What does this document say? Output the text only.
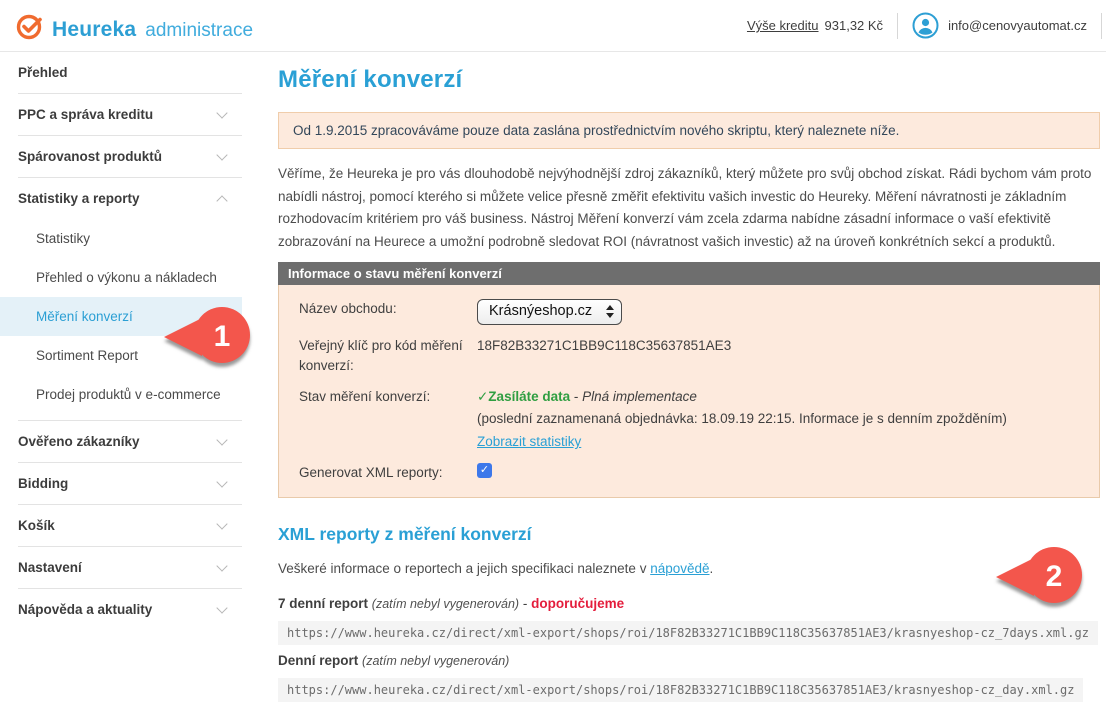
Heureka administrace	Výše kreditu 931,32 Kč	info@cenovyautomat.cz
Přehled
PPC a správa kreditu
Spárovanost produktů
Statistiky a reporty
Statistiky
Přehled o výkonu a nákladech
Měření konverzí
Sortiment Report
Prodej produktů v e-commerce
Ověřeno zákazníky
Bidding
Košík
Nastavení
Nápověda a aktuality
Měření konverzí
Od 1.9.2015 zpracováváme pouze data zaslána prostřednictvím nového skriptu, který naleznete níže.

Věříme, že Heureka je pro vás dlouhodobě nejvýhodnější zdroj zákazníků, který můžete pro svůj obchod získat. Rádi bychom vám proto nabídli nástroj, pomocí kterého si můžete velice přesně změřit efektivitu vašich investic do Heureky. Měření návratnosti je základním rozhodovacím kritériem pro váš business. Nástroj Měření konverzí vám zcela zdarma nabídne zásadní informace o vaší efektivitě zobrazování na Heurece a umožní podrobně sledovat ROI (návratnost vašich investic) až na úroveň konkrétních sekcí a produktů.

Informace o stavu měření konverzí
Název obchodu:	Krásnýeshop.cz
Veřejný klíč pro kód měření konverzí:
18F82B33271C1BB9C118C35637851AE3
Stav měření konverzí:	✓Zasíláte data - Plná implementace
(poslední zaznamenaná objednávka: 18.09.19 22:15. Informace je s denním zpožděním)
Zobrazit statistiky
Generovat XML reporty:	✓
XML reporty z měření konverzí

Veškeré informace o reportech a jejich specifikaci naleznete v nápovědě.

7 denní report (zatím nebyl vygenerován) - doporučujeme
https://www.heureka.cz/direct/xml-export/shops/roi/18F82B33271C1BB9C118C35637851AE3/krasnyeshop-cz_7days.xml.gz
Denní report (zatím nebyl vygenerován)
https://www.heureka.cz/direct/xml-export/shops/roi/18F82B33271C1BB9C118C35637851AE3/krasnyeshop-cz_day.xml.gz
1
2
